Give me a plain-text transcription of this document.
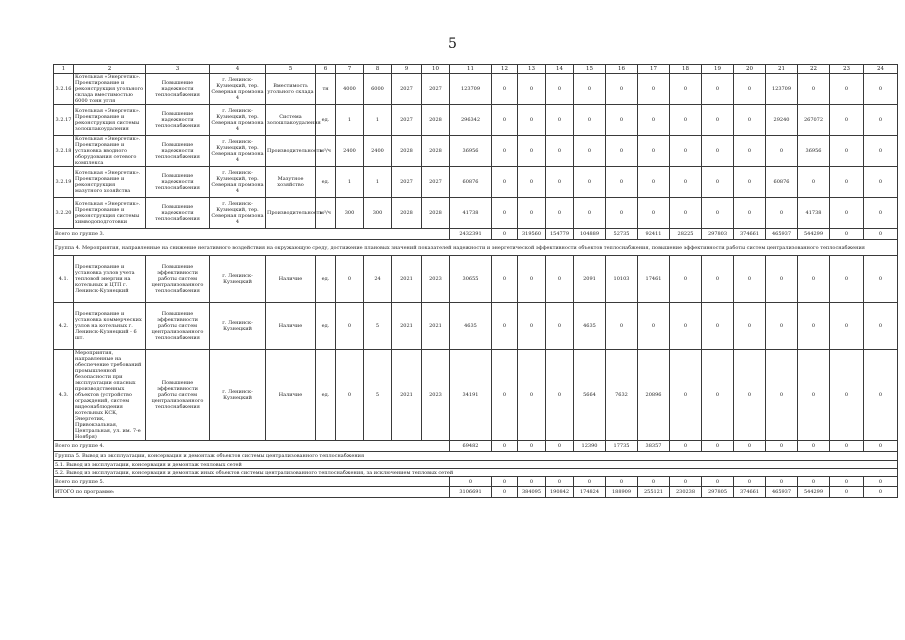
5
1	2	3	4	5	6	7	8	9	10	11	12	13	14	15	16	17	18	19	20	21	22	23	24
3.2.16	Котельная «Энергетик». Проектирование и реконструкция угольного склада вместимостью 6000 тонн угля	Повышение надежности теплоснабжения	г. Ленинск-Кузнецкий, тер. Северная промзона 4	Вместимость угольного склада	тн	4000	6000	2027	2027	123709	0	0	0	0	0	0	0	0	0	123709	0	0	0
3.2.17	Котельная «Энергетик». Проектирование и реконструкция системы золошлакоудаления	Повышение надежности теплоснабжения	г. Ленинск-Кузнецкий, тер. Северная промзона 4	Система золошлакоудаления	ед.	1	1	2027	2028	296342	0	0	0	0	0	0	0	0	0	29240	267072	0	0
3.2.18	Котельная «Энергетик». Проектирование и установка вводного оборудования сетевого комплекса	Повышение надежности теплоснабжения	г. Ленинск-Кузнецкий, тер. Северная промзона 4	Производительность	м³/ч	2400	2400	2028	2028	36956	0	0	0	0	0	0	0	0	0	0	36956	0	0
3.2.19	Котельная «Энергетик». Проектирование и реконструкция мазутного хозяйства	Повышение надежности теплоснабжения	г. Ленинск-Кузнецкий, тер. Северная промзона 4	Мазутное хозяйство	ед.	1	1	2027	2027	60876	0	0	0	0	0	0	0	0	0	60876	0	0	0
3.2.20	Котельная «Энергетик». Проектирование и реконструкция системы химводоподготовки	Повышение надежности теплоснабжения	г. Ленинск-Кузнецкий, тер. Северная промзона 4	Производительность	м³/ч	300	300	2028	2028	41738	0	0	0	0	0	0	0	0	0	0	41738	0	0
Всего по группе 3.										2432391	0	319560	154779	104889	52735	92411	28225	297803	374661	465937	544299	0	0
Группа 4. Мероприятия, направленные на снижение негативного воздействия на окружающую среду, достижение плановых значений показателей надежности и энергетической эффективности объектов теплоснабжения, повышение эффективности работы систем централизованного теплоснабжения																							
4.1.	Проектирование и установка узлов учета тепловой энергии на котельных и ЦТП г. Ленинск-Кузнецкий	Повышение эффективности работы систем централизованного теплоснабжения	г. Ленинск-Кузнецкий	Наличие	ед.	0	24	2021	2023	30655	0	0	0	2091	10103	17461	0	0	0	0	0	0	0
4.2.	Проектирование и установка коммерческих узлов на котельных г. Ленинск-Кузнецкий - 6 шт.	Повышение эффективности работы систем централизованного теплоснабжения	г. Ленинск-Кузнецкий	Наличие	ед.	0	5	2021	2021	4635	0	0	0	4635	0	0	0	0	0	0	0	0	0
4.3.	Мероприятия, направленные на обеспечение требований промышленной безопасности при эксплуатации опасных производственных объектов (устройство ограждений, систем видеонаблюдения котельных КСК, Энергетик, Привокзальная, Центральная, ул. им. 7-е Ноября)	Повышение эффективности работы систем централизованного теплоснабжения	г. Ленинск-Кузнецкий	Наличие	ед.	0	5	2021	2023	34191	0	0	0	5664	7632	20896	0	0	0	0	0	0	0
Всего по группе 4.										69482	0	0	0	12390	17735	38357	0	0	0	0	0	0	0
Группа 5. Вывод из эксплуатации, консервация и демонтаж объектов системы централизованного теплоснабжения																							
5.1. Вывод из эксплуатации, консервация и демонтаж тепловых сетей																							
5.2. Вывод из эксплуатации, консервация и демонтаж иных объектов системы централизованного теплоснабжения, за исключением тепловых сетей																							
Всего по группе 5.										0	0	0	0	0	0	0	0	0	0	0	0	0	0
ИТОГО по программе:										3106691	0	384095	190842	174824	188909	255121	230238	297805	374661	465937	544299	0	0
